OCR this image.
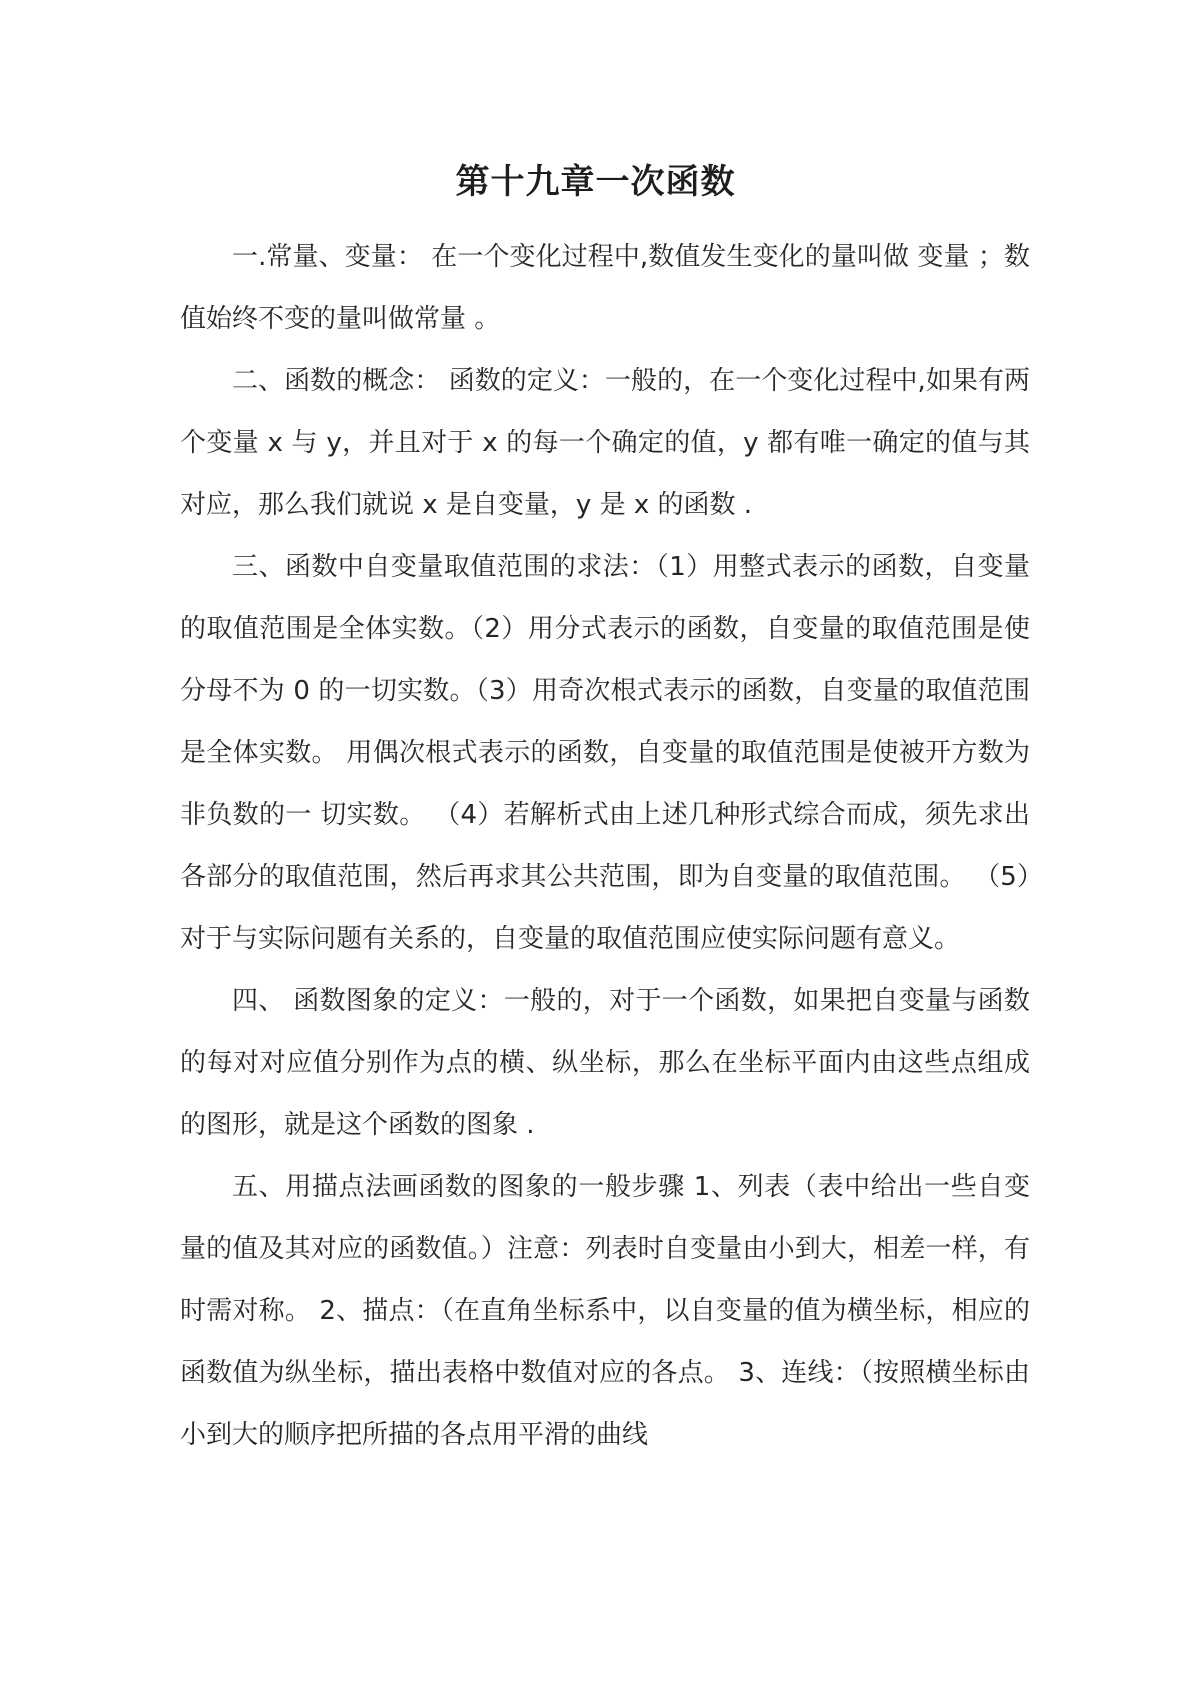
第十九章一次函数

一.常量、变量： 在一个变化过程中,数值发生变化的量叫做 变量 ；数值始终不变的量叫做常量 。

二、函数的概念： 函数的定义：一般的，在一个变化过程中,如果有两个变量 x 与 y，并且对于 x 的每一个确定的值，y 都有唯一确定的值与其对应，那么我们就说 x 是自变量，y 是 x 的函数 .

三、函数中自变量取值范围的求法：（1）用整式表示的函数，自变量的取值范围是全体实数。（2）用分式表示的函数，自变量的取值范围是使分母不为 0 的一切实数。（3）用奇次根式表示的函数，自变量的取值范围是全体实数。 用偶次根式表示的函数，自变量的取值范围是使被开方数为非负数的一 切实数。 （4）若解析式由上述几种形式综合而成，须先求出各部分的取值范围，然后再求其公共范围，即为自变量的取值范围。 （5）对于与实际问题有关系的，自变量的取值范围应使实际问题有意义。

四、 函数图象的定义：一般的，对于一个函数，如果把自变量与函数的每对对应值分别作为点的横、纵坐标，那么在坐标平面内由这些点组成的图形，就是这个函数的图象 .

五、用描点法画函数的图象的一般步骤 1、列表（表中给出一些自变量的值及其对应的函数值。）注意：列表时自变量由小到大，相差一样，有时需对称。 2、描点：（在直角坐标系中，以自变量的值为横坐标，相应的函数值为纵坐标，描出表格中数值对应的各点。 3、连线：（按照横坐标由小到大的顺序把所描的各点用平滑的曲线
